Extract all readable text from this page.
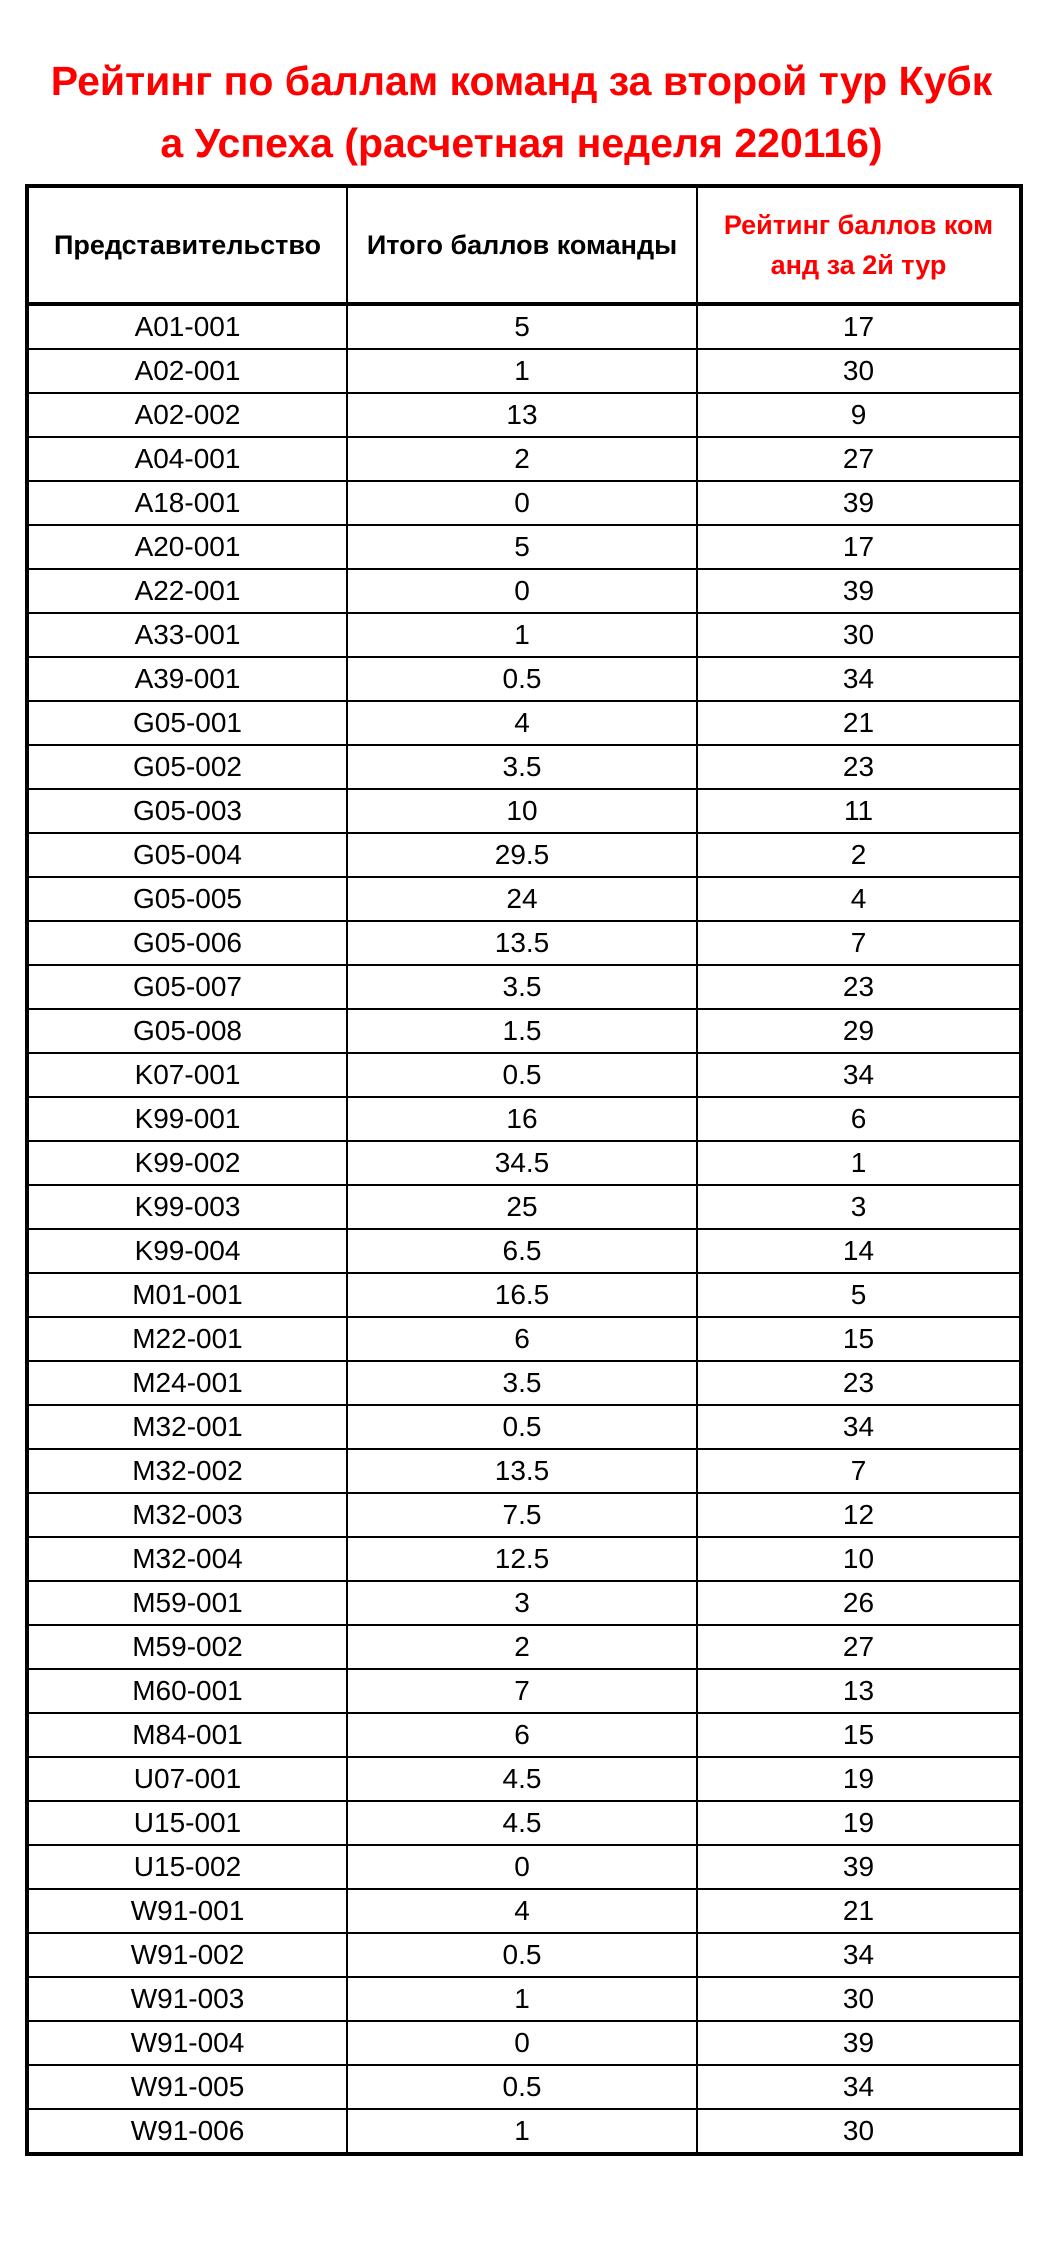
Рейтинг по баллам команд за второй тур Кубк
а Успеха (расчетная неделя 220116)
Представительство	Итого баллов команды	Рейтинг баллов ком
анд за 2й тур

A01-001	5	17
A02-001	1	30
A02-002	13	9
A04-001	2	27
A18-001	0	39
A20-001	5	17
A22-001	0	39
A33-001	1	30
A39-001	0.5	34
G05-001	4	21
G05-002	3.5	23
G05-003	10	11
G05-004	29.5	2
G05-005	24	4
G05-006	13.5	7
G05-007	3.5	23
G05-008	1.5	29
K07-001	0.5	34
K99-001	16	6
K99-002	34.5	1
K99-003	25	3
K99-004	6.5	14
M01-001	16.5	5
M22-001	6	15
M24-001	3.5	23
M32-001	0.5	34
M32-002	13.5	7
M32-003	7.5	12
M32-004	12.5	10
M59-001	3	26
M59-002	2	27
M60-001	7	13
M84-001	6	15
U07-001	4.5	19
U15-001	4.5	19
U15-002	0	39
W91-001	4	21
W91-002	0.5	34
W91-003	1	30
W91-004	0	39
W91-005	0.5	34
W91-006	1	30
